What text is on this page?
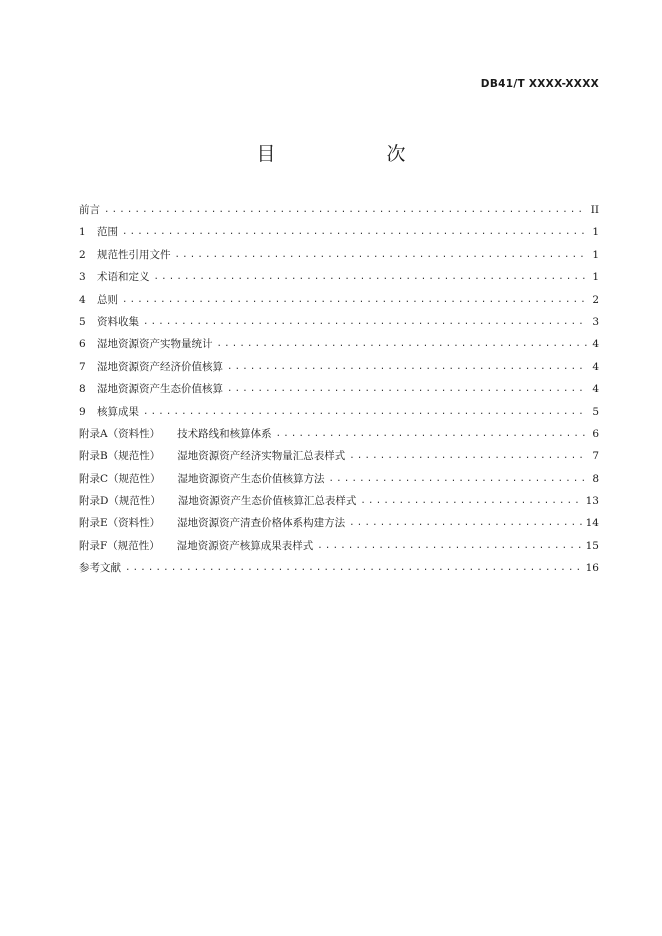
DB41/T XXXX-XXXX
目　次
前言 . . .	II
1	范围 . . .	1
2	规范性引用文件 . . .	1
3	术语和定义 . . .	1
4	总则 . . .	2
5	资料收集 . . .	3
6	湿地资源资产实物量统计 . . .	4
7	湿地资源资产经济价值核算 . . .	4
8	湿地资源资产生态价值核算 . . .	4
9	核算成果 . . .	5
附录A（资料性） 技术路线和核算体系 . . .	6
附录B（规范性） 湿地资源资产经济实物量汇总表样式 . . .	7
附录C（规范性） 湿地资源资产生态价值核算方法 . . .	8
附录D（规范性） 湿地资源资产生态价值核算汇总表样式 . . .	13
附录E（资料性） 湿地资源资产清查价格体系构建方法 . . .	14
附录F（规范性） 湿地资源资产核算成果表样式 . . .	15
参考文献 . . .	16
